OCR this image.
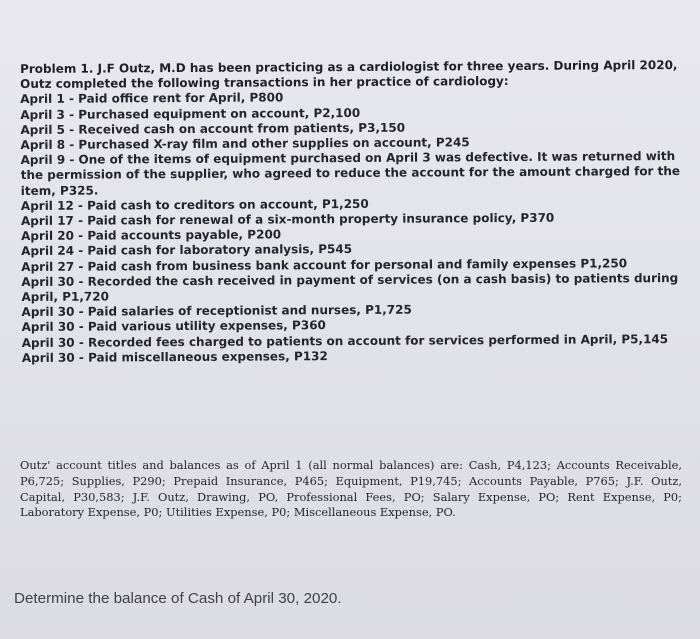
Problem 1. J.F Outz, M.D has been practicing as a cardiologist for three years. During April 2020, Outz completed the following transactions in her practice of cardiology:
April 1 - Paid office rent for April, P800
April 3 - Purchased equipment on account, P2,100
April 5 - Received cash on account from patients, P3,150
April 8 - Purchased X-ray film and other supplies on account, P245
April 9 - One of the items of equipment purchased on April 3 was defective. It was returned with the permission of the supplier, who agreed to reduce the account for the amount charged for the item, P325.
April 12 - Paid cash to creditors on account, P1,250
April 17 - Paid cash for renewal of a six-month property insurance policy, P370
April 20 - Paid accounts payable, P200
April 24 - Paid cash for laboratory analysis, P545
April 27 - Paid cash from business bank account for personal and family expenses P1,250
April 30 - Recorded the cash received in payment of services (on a cash basis) to patients during April, P1,720
April 30 - Paid salaries of receptionist and nurses, P1,725
April 30 - Paid various utility expenses, P360
April 30 - Recorded fees charged to patients on account for services performed in April, P5,145
April 30 - Paid miscellaneous expenses, P132

Outz' account titles and balances as of April 1 (all normal balances) are: Cash, P4,123; Accounts Receivable, P6,725; Supplies, P290; Prepaid Insurance, P465; Equipment, P19,745; Accounts Payable, P765; J.F. Outz, Capital, P30,583; J.F. Outz, Drawing, PO, Professional Fees, PO; Salary Expense, PO; Rent Expense, P0; Laboratory Expense, P0; Utilities Expense, P0; Miscellaneous Expense, PO.

Determine the balance of Cash of April 30, 2020.
